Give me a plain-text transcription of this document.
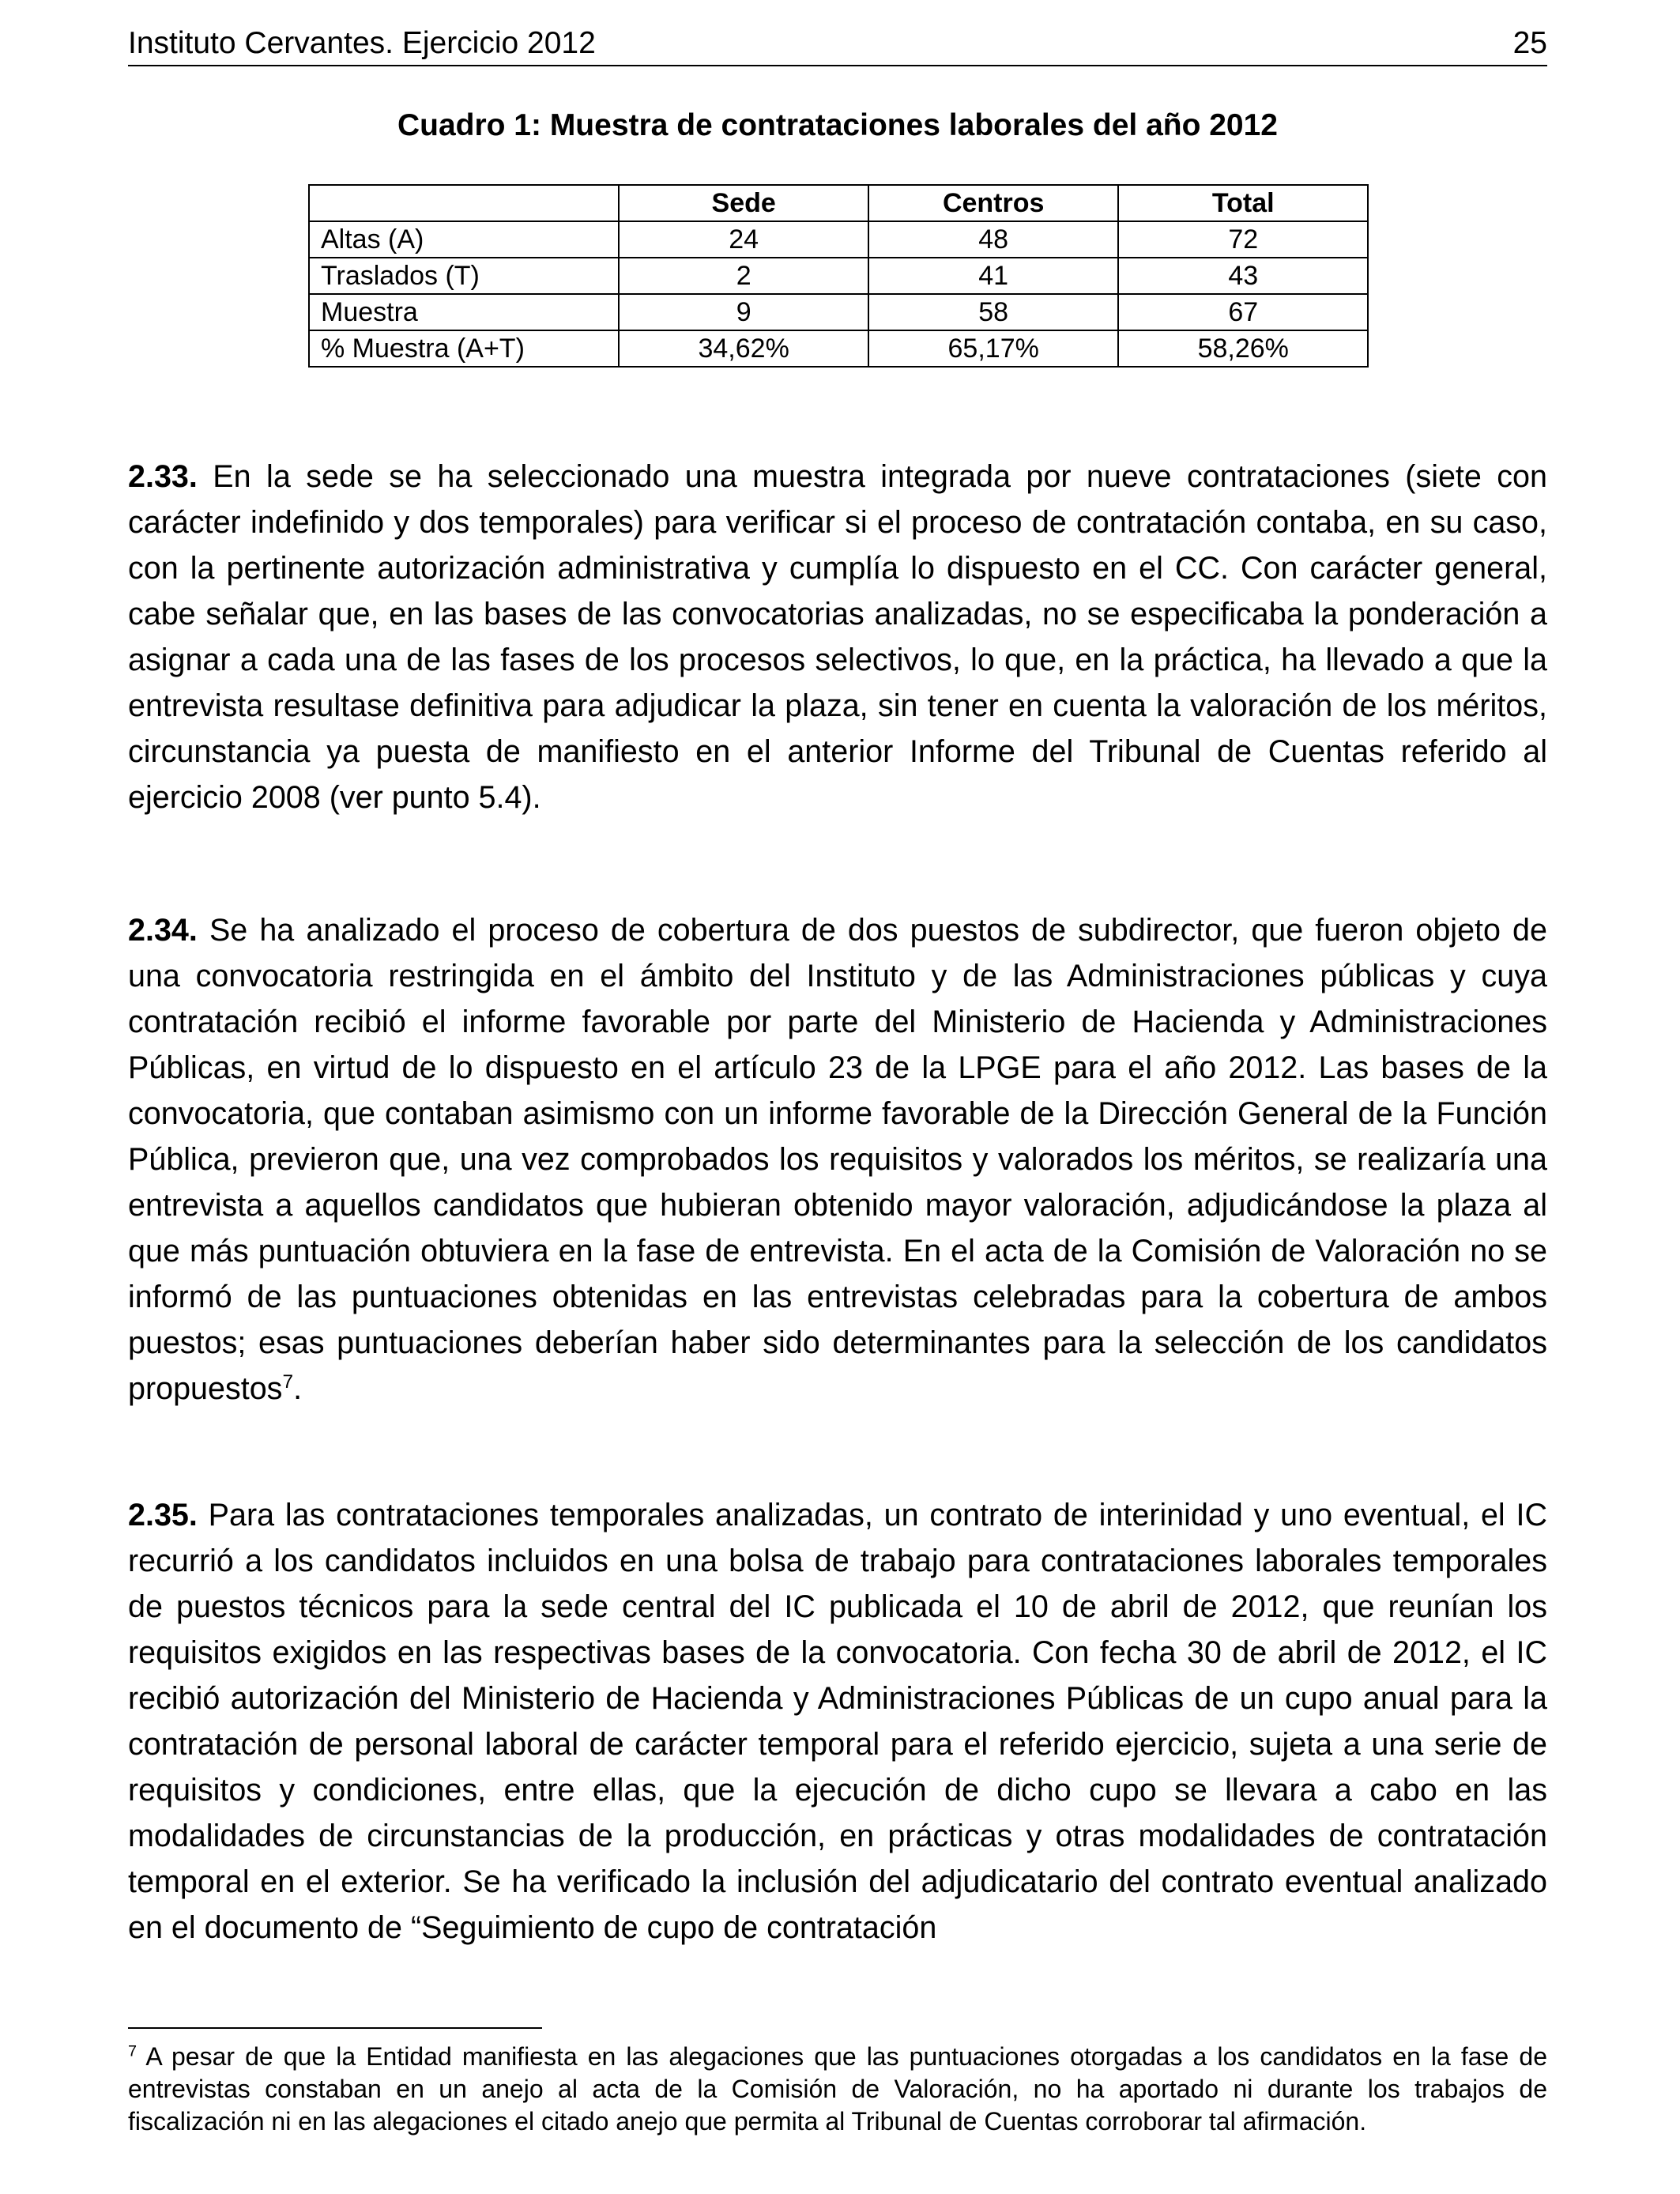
Instituto Cervantes. Ejercicio 2012	25
Cuadro 1: Muestra de contrataciones laborales del año 2012
	Sede	Centros	Total
Altas (A)	24	48	72
Traslados (T)	2	41	43
Muestra	9	58	67
% Muestra (A+T)	34,62%	65,17%	58,26%

2.33. En la sede se ha seleccionado una muestra integrada por nueve contrataciones (siete con carácter indefinido y dos temporales) para verificar si el proceso de contratación contaba, en su caso, con la pertinente autorización administrativa y cumplía lo dispuesto en el CC. Con carácter general, cabe señalar que, en las bases de las convocatorias analizadas, no se especificaba la ponderación a asignar a cada una de las fases de los procesos selectivos, lo que, en la práctica, ha llevado a que la entrevista resultase definitiva para adjudicar la plaza, sin tener en cuenta la valoración de los méritos, circunstancia ya puesta de manifiesto en el anterior Informe del Tribunal de Cuentas referido al ejercicio 2008 (ver punto 5.4).

2.34. Se ha analizado el proceso de cobertura de dos puestos de subdirector, que fueron objeto de una convocatoria restringida en el ámbito del Instituto y de las Administraciones públicas y cuya contratación recibió el informe favorable por parte del Ministerio de Hacienda y Administraciones Públicas, en virtud de lo dispuesto en el artículo 23 de la LPGE para el año 2012. Las bases de la convocatoria, que contaban asimismo con un informe favorable de la Dirección General de la Función Pública, previeron que, una vez comprobados los requisitos y valorados los méritos, se realizaría una entrevista a aquellos candidatos que hubieran obtenido mayor valoración, adjudicándose la plaza al que más puntuación obtuviera en la fase de entrevista. En el acta de la Comisión de Valoración no se informó de las puntuaciones obtenidas en las entrevistas celebradas para la cobertura de ambos puestos; esas puntuaciones deberían haber sido determinantes para la selección de los candidatos propuestos$^7$.

2.35. Para las contrataciones temporales analizadas, un contrato de interinidad y uno eventual, el IC recurrió a los candidatos incluidos en una bolsa de trabajo para contrataciones laborales temporales de puestos técnicos para la sede central del IC publicada el 10 de abril de 2012, que reunían los requisitos exigidos en las respectivas bases de la convocatoria. Con fecha 30 de abril de 2012, el IC recibió autorización del Ministerio de Hacienda y Administraciones Públicas de un cupo anual para la contratación de personal laboral de carácter temporal para el referido ejercicio, sujeta a una serie de requisitos y condiciones, entre ellas, que la ejecución de dicho cupo se llevara a cabo en las modalidades de circunstancias de la producción, en prácticas y otras modalidades de contratación temporal en el exterior. Se ha verificado la inclusión del adjudicatario del contrato eventual analizado en el documento de “Seguimiento de cupo de contratación

$^7$ A pesar de que la Entidad manifiesta en las alegaciones que las puntuaciones otorgadas a los candidatos en la fase de entrevistas constaban en un anejo al acta de la Comisión de Valoración, no ha aportado ni durante los trabajos de fiscalización ni en las alegaciones el citado anejo que permita al Tribunal de Cuentas corroborar tal afirmación.
